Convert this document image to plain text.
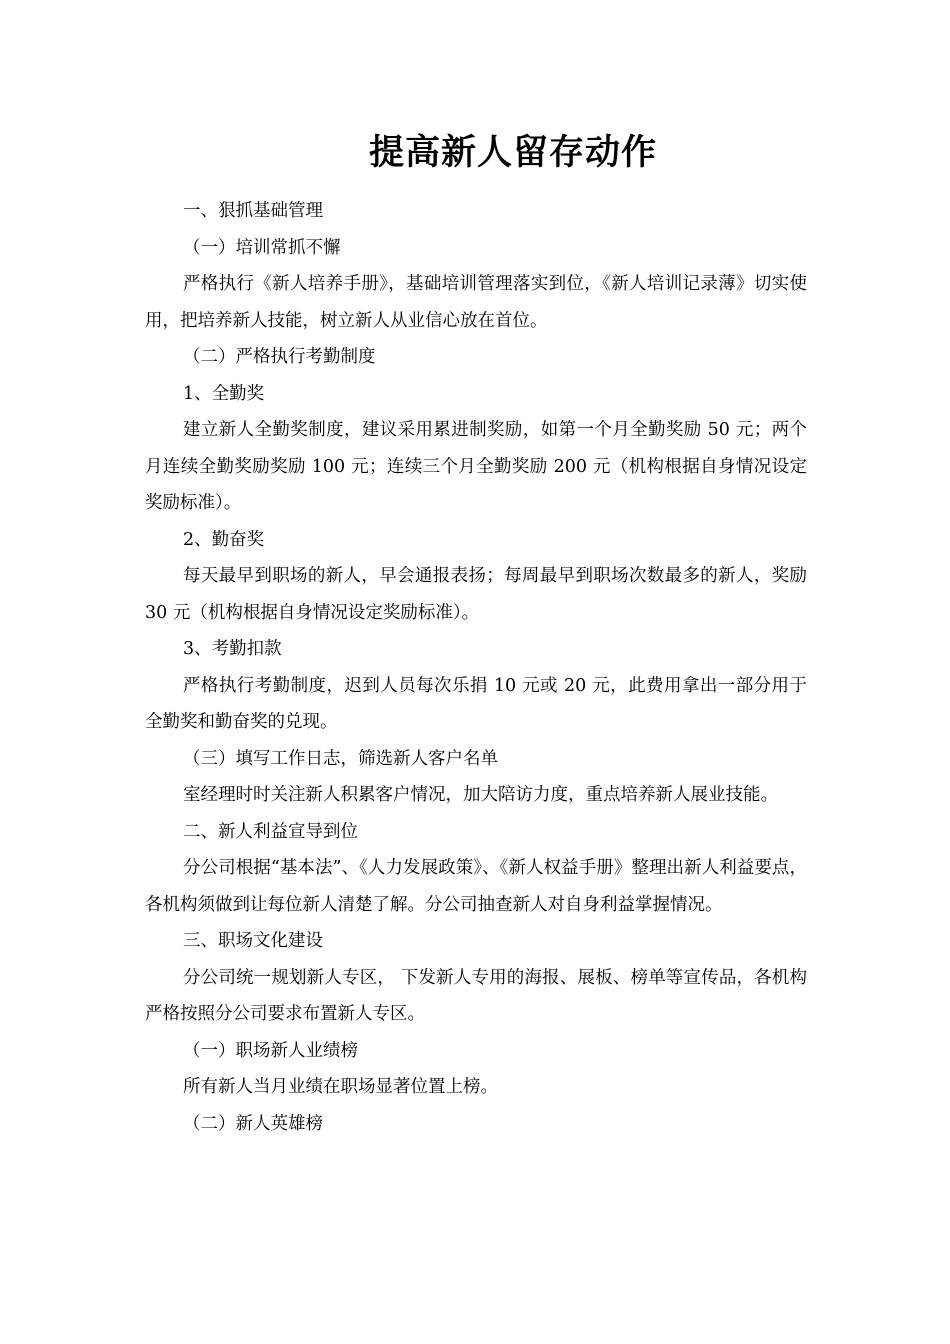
提高新人留存动作

一、狠抓基础管理

（一）培训常抓不懈

严格执行《新人培养手册》，基础培训管理落实到位，《新人培训记录薄》切实使用，把培养新人技能，树立新人从业信心放在首位。

（二）严格执行考勤制度

1、全勤奖

建立新人全勤奖制度，建议采用累进制奖励，如第一个月全勤奖励 50 元；两个月连续全勤奖励奖励 100 元；连续三个月全勤奖励 200 元（机构根据自身情况设定奖励标准）。

2、勤奋奖

每天最早到职场的新人，早会通报表扬；每周最早到职场次数最多的新人，奖励 30 元（机构根据自身情况设定奖励标准）。

3、考勤扣款

严格执行考勤制度，迟到人员每次乐捐 10 元或 20 元，此费用拿出一部分用于全勤奖和勤奋奖的兑现。

（三）填写工作日志，筛选新人客户名单

室经理时时关注新人积累客户情况，加大陪访力度，重点培养新人展业技能。

二、新人利益宣导到位

分公司根据“基本法”、《人力发展政策》、《新人权益手册》整理出新人利益要点，各机构须做到让每位新人清楚了解。分公司抽查新人对自身利益掌握情况。

三、职场文化建设

分公司统一规划新人专区， 下发新人专用的海报、展板、榜单等宣传品，各机构严格按照分公司要求布置新人专区。

（一）职场新人业绩榜

所有新人当月业绩在职场显著位置上榜。

（二）新人英雄榜
